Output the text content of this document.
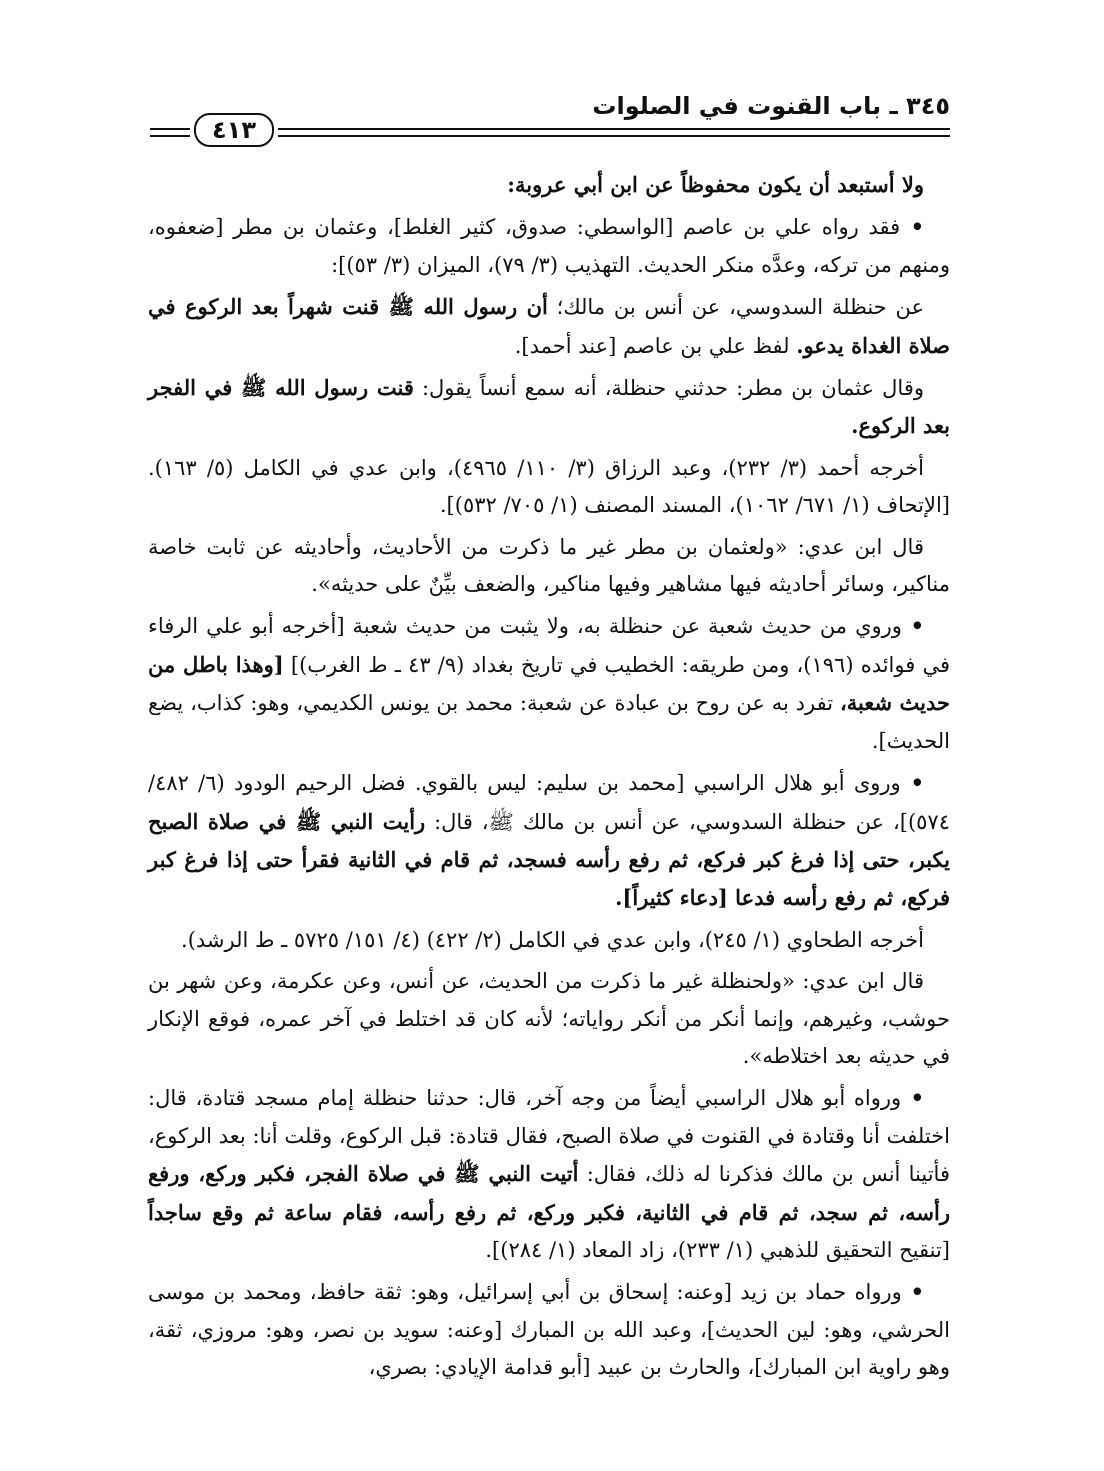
٣٤٥ ـ باب القنوت في الصلوات
٤١٣

ولا أستبعد أن يكون محفوظاً عن ابن أبي عروبة:

• فقد رواه علي بن عاصم [الواسطي: صدوق، كثير الغلط]، وعثمان بن مطر [ضعفوه، ومنهم من تركه، وعدَّه منكر الحديث. التهذيب (٣/ ٧٩)، الميزان (٣/ ٥٣)]:

عن حنظلة السدوسي، عن أنس بن مالك؛ أن رسول الله ﷺ قنت شهراً بعد الركوع في صلاة الغداة يدعو. لفظ علي بن عاصم [عند أحمد].

وقال عثمان بن مطر: حدثني حنظلة، أنه سمع أنساً يقول: قنت رسول الله ﷺ في الفجر بعد الركوع.

أخرجه أحمد (٣/ ٢٣٢)، وعبد الرزاق (٣/ ١١٠/ ٤٩٦٥)، وابن عدي في الكامل (٥/ ١٦٣). [الإتحاف (١/ ٦٧١/ ١٠٦٢)، المسند المصنف (١/ ٧٠٥/ ٥٣٢)].

قال ابن عدي: «ولعثمان بن مطر غير ما ذكرت من الأحاديث، وأحاديثه عن ثابت خاصة مناكير، وسائر أحاديثه فيها مشاهير وفيها مناكير، والضعف بيِّنٌ على حديثه».

• وروي من حديث شعبة عن حنظلة به، ولا يثبت من حديث شعبة [أخرجه أبو علي الرفاء في فوائده (١٩٦)، ومن طريقه: الخطيب في تاريخ بغداد (٩/ ٤٣ ـ ط الغرب)] [وهذا باطل من حديث شعبة، تفرد به عن روح بن عبادة عن شعبة: محمد بن يونس الكديمي، وهو: كذاب، يضع الحديث].

• وروى أبو هلال الراسبي [محمد بن سليم: ليس بالقوي. فضل الرحيم الودود (٦/ ٤٨٢/ ٥٧٤)]، عن حنظلة السدوسي، عن أنس بن مالك ﷺ، قال: رأيت النبي ﷺ في صلاة الصبح يكبر، حتى إذا فرغ كبر فركع، ثم رفع رأسه فسجد، ثم قام في الثانية فقرأ حتى إذا فرغ كبر فركع، ثم رفع رأسه فدعا [دعاء كثيراً].

أخرجه الطحاوي (١/ ٢٤٥)، وابن عدي في الكامل (٢/ ٤٢٢) (٤/ ١٥١/ ٥٧٢٥ ـ ط الرشد).

قال ابن عدي: «ولحنظلة غير ما ذكرت من الحديث، عن أنس، وعن عكرمة، وعن شهر بن حوشب، وغيرهم، وإنما أنكر من أنكر رواياته؛ لأنه كان قد اختلط في آخر عمره، فوقع الإنكار في حديثه بعد اختلاطه».

• ورواه أبو هلال الراسبي أيضاً من وجه آخر، قال: حدثنا حنظلة إمام مسجد قتادة، قال: اختلفت أنا وقتادة في القنوت في صلاة الصبح، فقال قتادة: قبل الركوع، وقلت أنا: بعد الركوع، فأتينا أنس بن مالك فذكرنا له ذلك، فقال: أتيت النبي ﷺ في صلاة الفجر، فكبر وركع، ورفع رأسه، ثم سجد، ثم قام في الثانية، فكبر وركع، ثم رفع رأسه، فقام ساعة ثم وقع ساجداً [تنقيح التحقيق للذهبي (١/ ٢٣٣)، زاد المعاد (١/ ٢٨٤)].

• ورواه حماد بن زيد [وعنه: إسحاق بن أبي إسرائيل، وهو: ثقة حافظ، ومحمد بن موسى الحرشي، وهو: لين الحديث]، وعبد الله بن المبارك [وعنه: سويد بن نصر، وهو: مروزي، ثقة، وهو راوية ابن المبارك]، والحارث بن عبيد [أبو قدامة الإيادي: بصري،
